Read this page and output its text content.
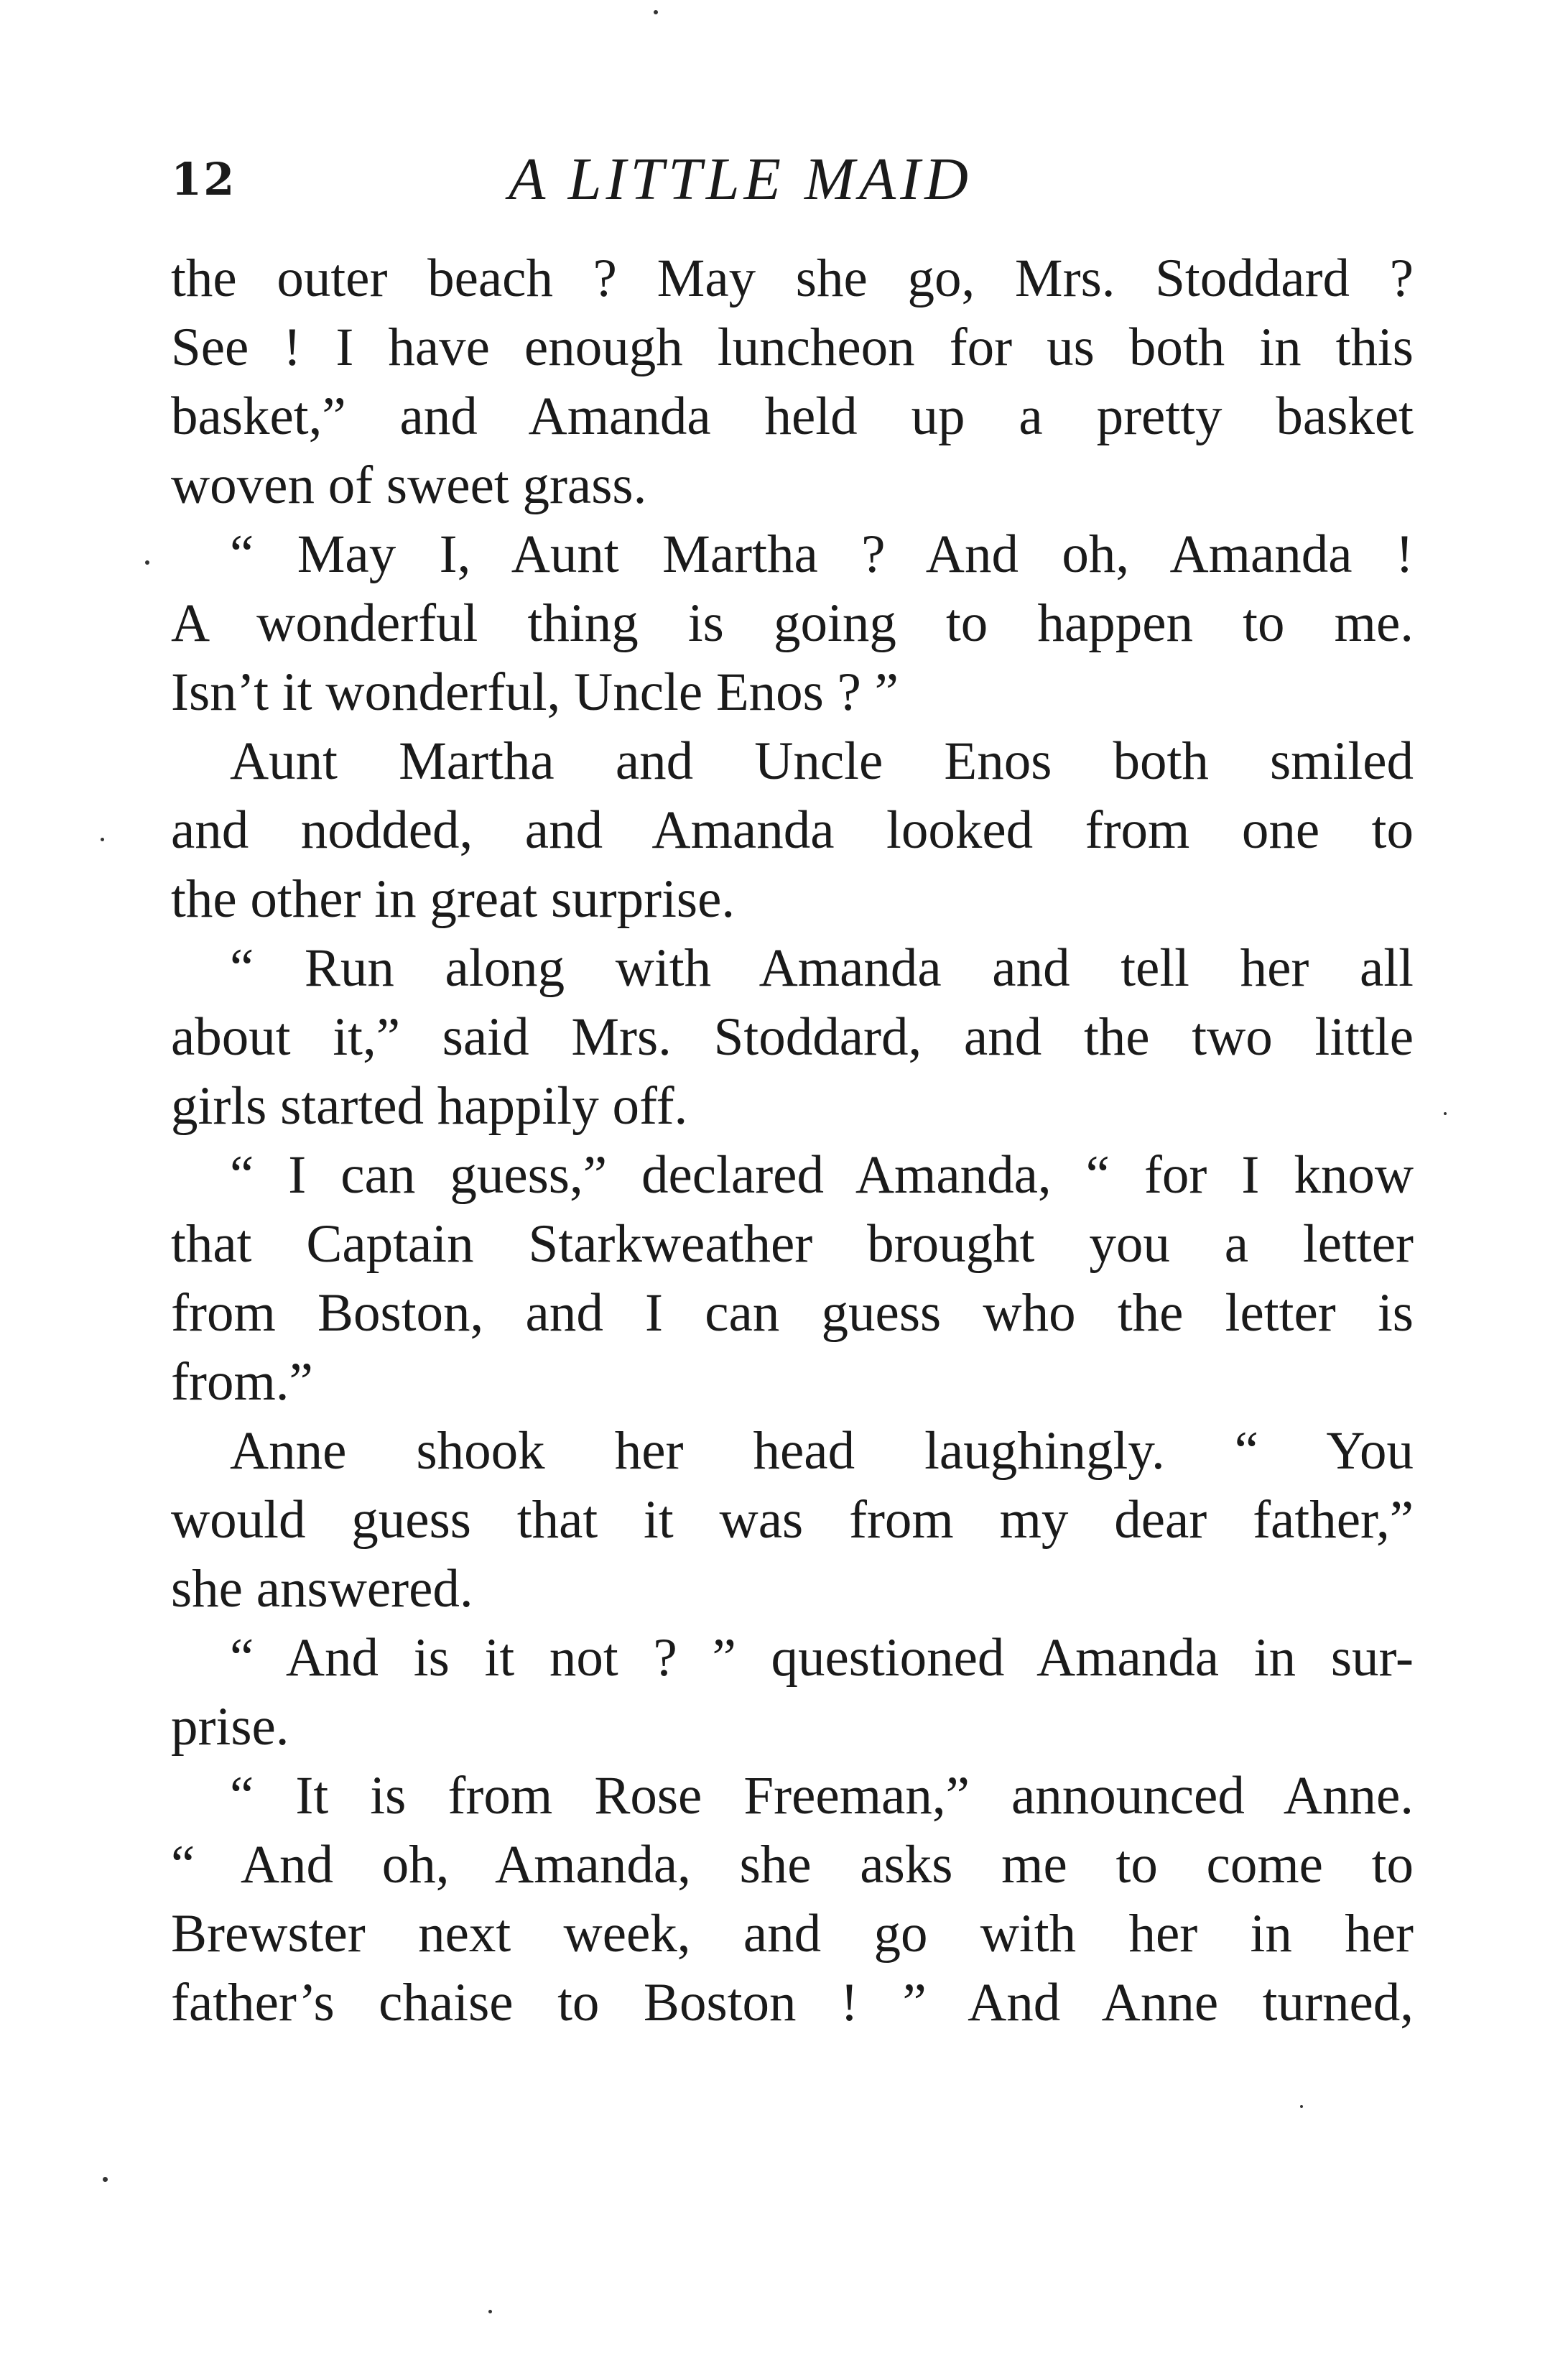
12	A LITTLE MAID
the outer beach ? May she go, Mrs. Stoddard ?
See ! I have enough luncheon for us both in this
basket,” and Amanda held up a pretty basket
woven of sweet grass.
“ May I, Aunt Martha ? And oh, Amanda !
A wonderful thing is going to happen to me.
Isn’t it wonderful, Uncle Enos ? ”
Aunt Martha and Uncle Enos both smiled
and nodded, and Amanda looked from one to
the other in great surprise.
“ Run along with Amanda and tell her all
about it,” said Mrs. Stoddard, and the two little
girls started happily off.
“ I can guess,” declared Amanda, “ for I know
that Captain Starkweather brought you a letter
from Boston, and I can guess who the letter is
from.”
Anne shook her head laughingly. “ You
would guess that it was from my dear father,”
she answered.
“ And is it not ? ” questioned Amanda in sur-
prise.
“ It is from Rose Freeman,” announced Anne.
“ And oh, Amanda, she asks me to come to
Brewster next week, and go with her in her
father’s chaise to Boston ! ” And Anne turned,
